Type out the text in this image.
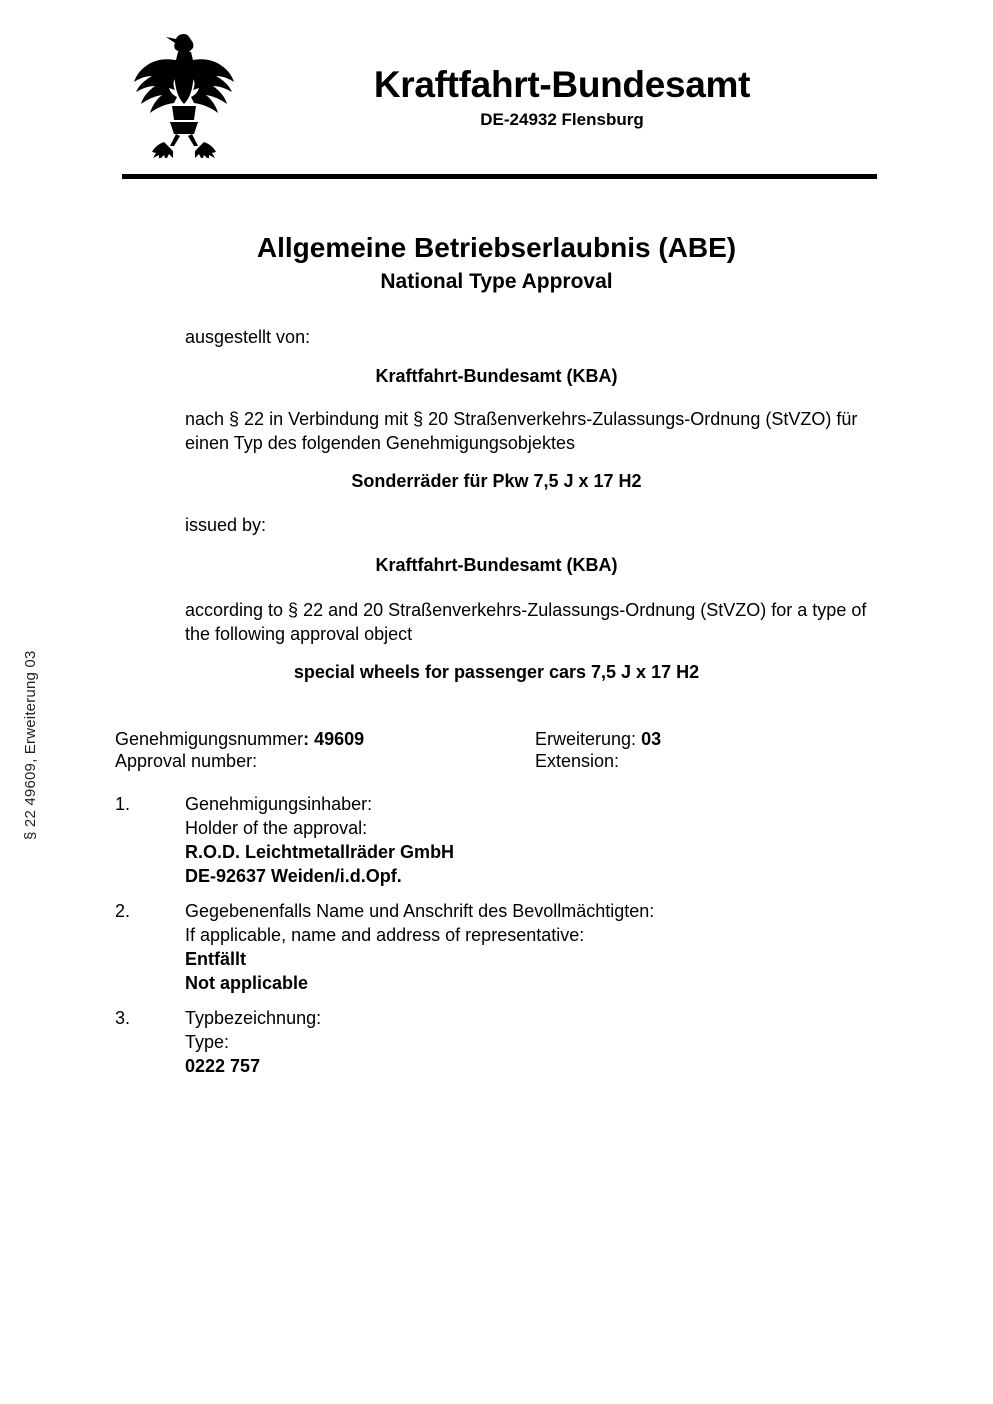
§ 22 49609, Erweiterung 03
Kraftfahrt-Bundesamt
DE-24932 Flensburg
Allgemeine Betriebserlaubnis (ABE)
National Type Approval
ausgestellt von:
Kraftfahrt-Bundesamt (KBA)
nach § 22 in Verbindung mit § 20 Straßenverkehrs-Zulassungs-Ordnung (StVZO) für einen Typ des folgenden Genehmigungsobjektes
Sonderräder für Pkw 7,5 J x 17 H2
issued by:
Kraftfahrt-Bundesamt (KBA)
according to § 22 and 20 Straßenverkehrs-Zulassungs-Ordnung (StVZO) for a type of the following approval object
special wheels for passenger cars 7,5 J x 17 H2
Genehmigungsnummer: 49609
Approval number:
Erweiterung: 03
Extension:
1.	Genehmigungsinhaber:
Holder of the approval:
R.O.D. Leichtmetallräder GmbH
DE-92637 Weiden/i.d.Opf.
2.	Gegebenenfalls Name und Anschrift des Bevollmächtigten:
If applicable, name and address of representative:
Entfällt
Not applicable
3.	Typbezeichnung:
Type:
0222 757
